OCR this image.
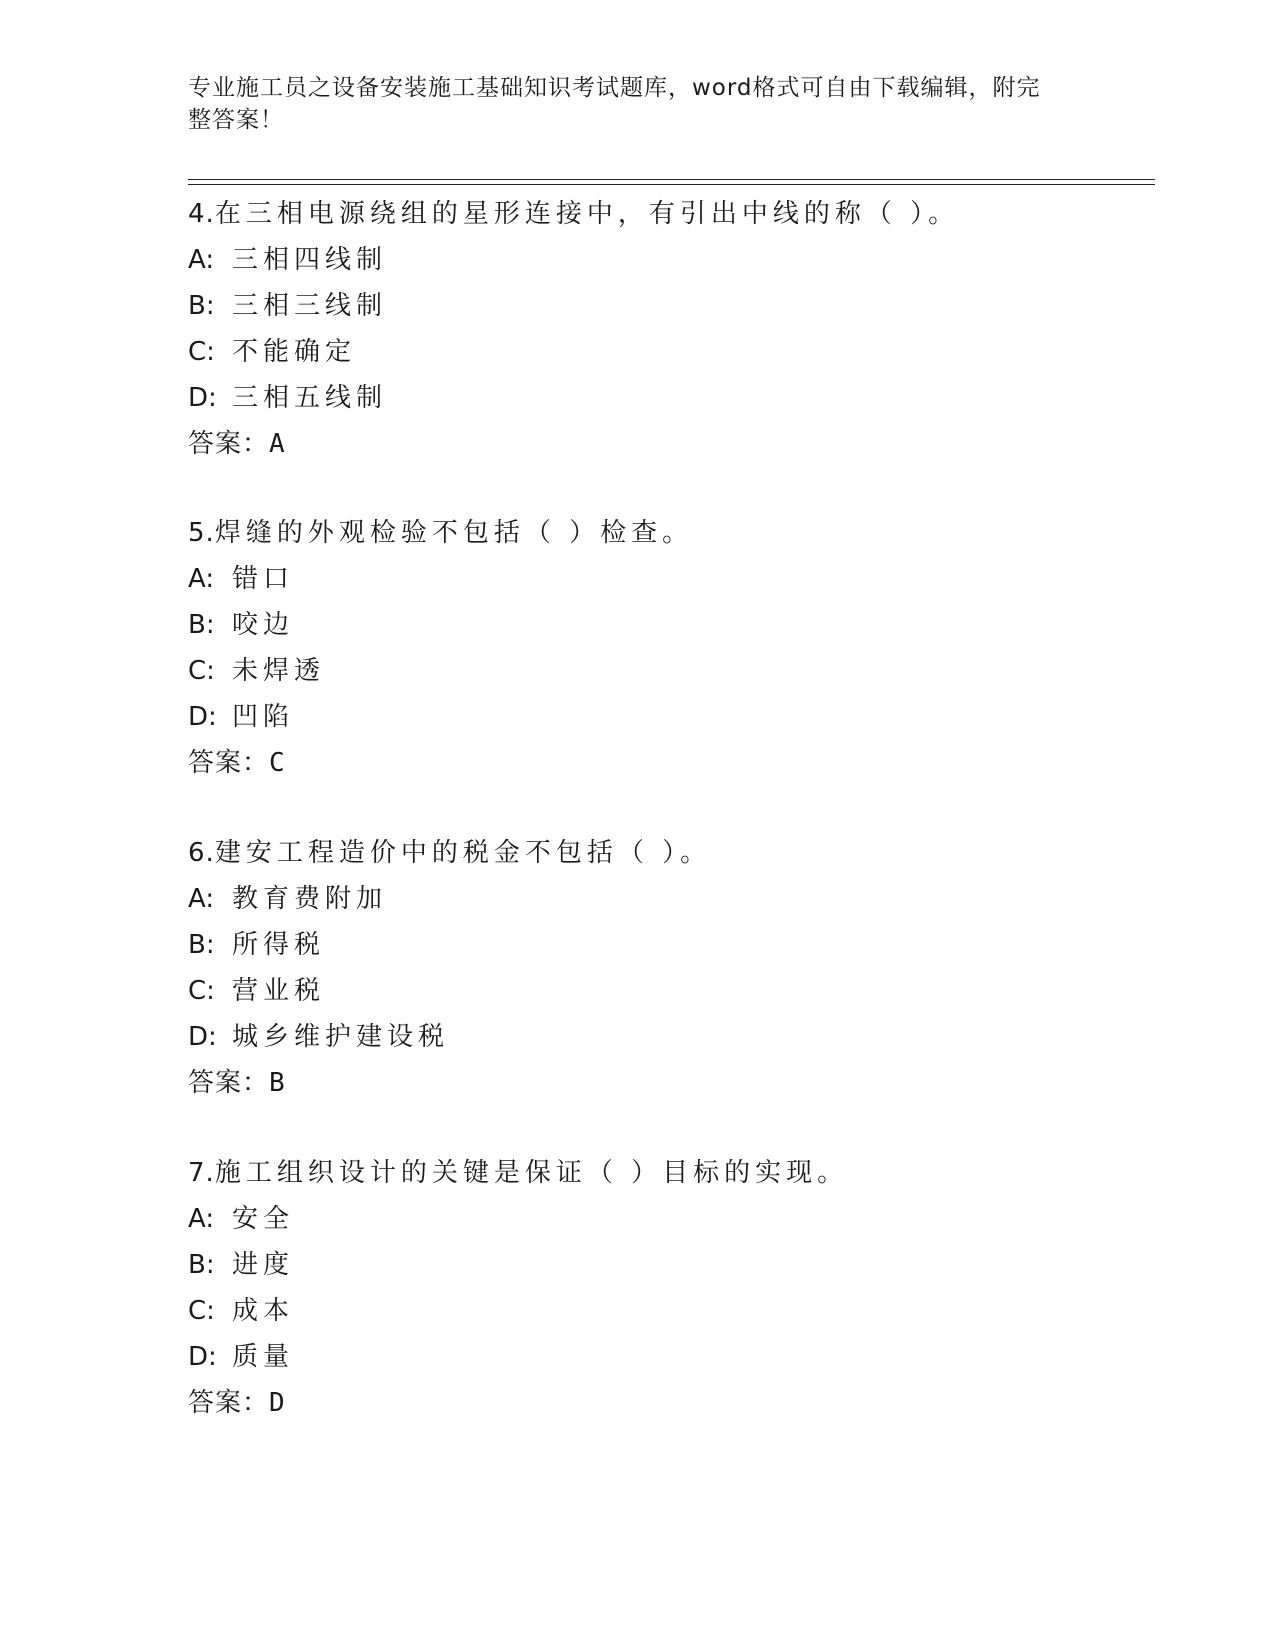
专业施工员之设备安装施工基础知识考试题库，word格式可自由下载编辑，附完
整答案！
4.在三相电源绕组的星形连接中，有引出中线的称（ ）。
A: 三相四线制
B: 三相三线制
C: 不能确定
D: 三相五线制
答案：A
5.焊缝的外观检验不包括（ ）检查。
A: 错口
B: 咬边
C: 未焊透
D: 凹陷
答案：C
6.建安工程造价中的税金不包括（ ）。
A: 教育费附加
B: 所得税
C: 营业税
D: 城乡维护建设税
答案：B
7.施工组织设计的关键是保证（ ）目标的实现。
A: 安全
B: 进度
C: 成本
D: 质量
答案：D
